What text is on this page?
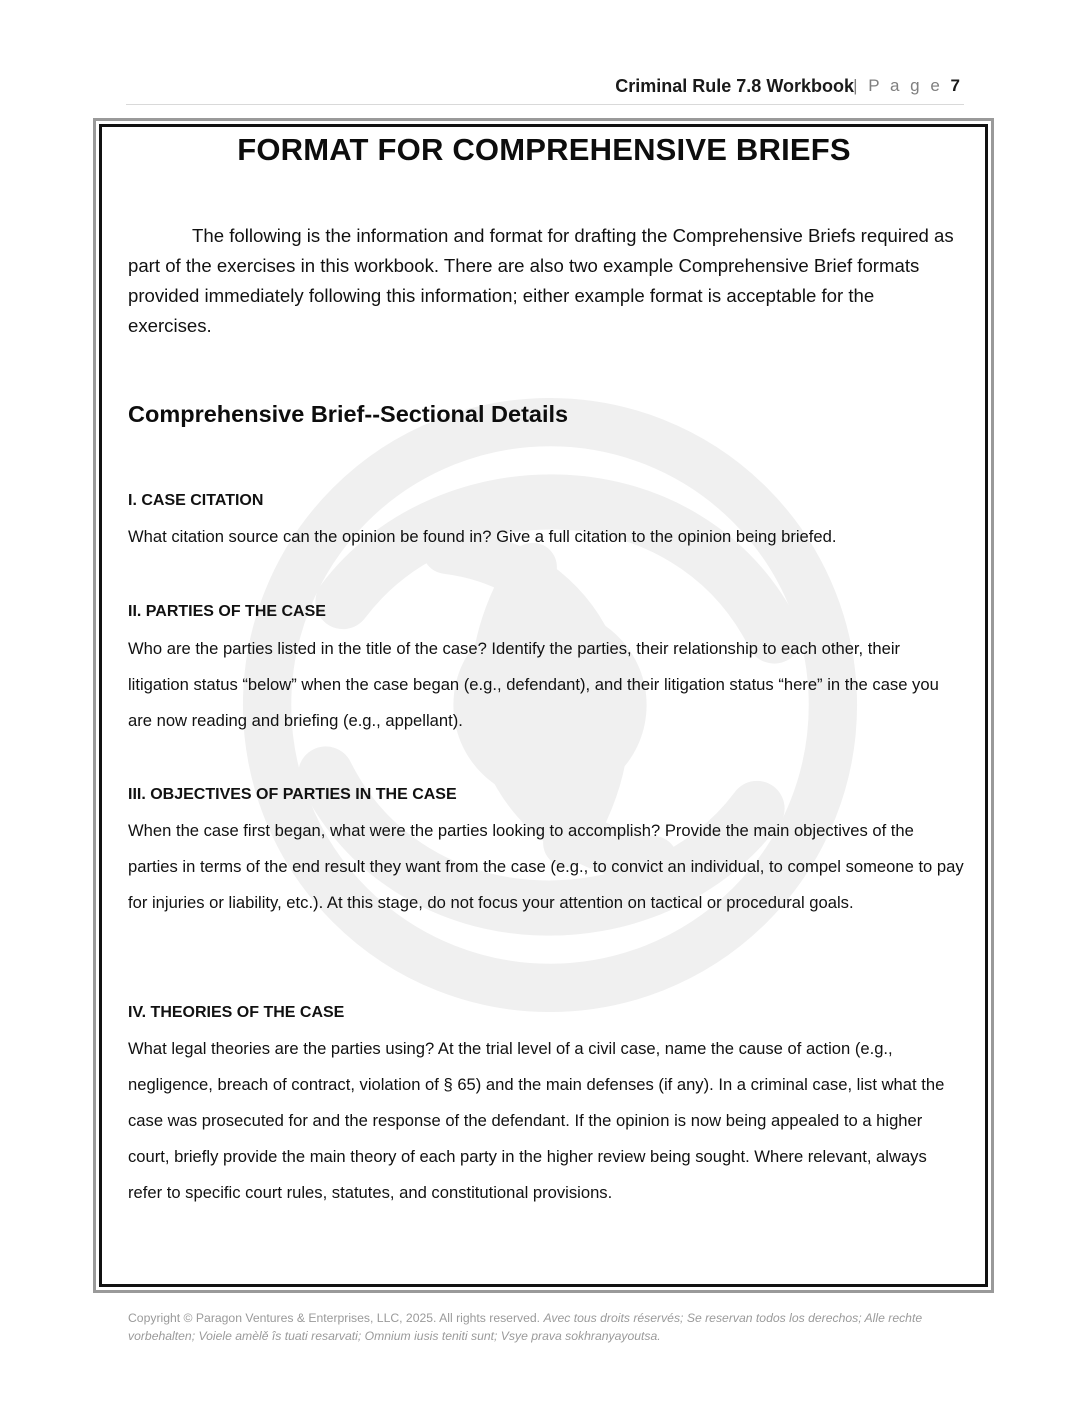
Criminal Rule 7.8 Workbook | P a g e 7
FORMAT FOR COMPREHENSIVE BRIEFS

The following is the information and format for drafting the Comprehensive Briefs required as part of the exercises in this workbook. There are also two example Comprehensive Brief formats provided immediately following this information; either example format is acceptable for the exercises.

Comprehensive Brief--Sectional Details

I. CASE CITATION

What citation source can the opinion be found in? Give a full citation to the opinion being briefed.

II. PARTIES OF THE CASE

Who are the parties listed in the title of the case? Identify the parties, their relationship to each other, their litigation status “below” when the case began (e.g., defendant), and their litigation status “here” in the case you are now reading and briefing (e.g., appellant).

III. OBJECTIVES OF PARTIES IN THE CASE

When the case first began, what were the parties looking to accomplish? Provide the main objectives of the parties in terms of the end result they want from the case (e.g., to convict an individual, to compel someone to pay for injuries or liability, etc.). At this stage, do not focus your attention on tactical or procedural goals.

IV. THEORIES OF THE CASE

What legal theories are the parties using? At the trial level of a civil case, name the cause of action (e.g., negligence, breach of contract, violation of § 65) and the main defenses (if any). In a criminal case, list what the case was prosecuted for and the response of the defendant. If the opinion is now being appealed to a higher court, briefly provide the main theory of each party in the higher review being sought. Where relevant, always refer to specific court rules, statutes, and constitutional provisions.

Copyright © Paragon Ventures & Enterprises, LLC, 2025. All rights reserved. Avec tous droits réservés; Se reservan todos los derechos; Alle rechte vorbehalten; Voiele amèlě îs tuati resarvati; Omnium iusis teniti sunt; Vsye prava sokhranyayoutsa.
